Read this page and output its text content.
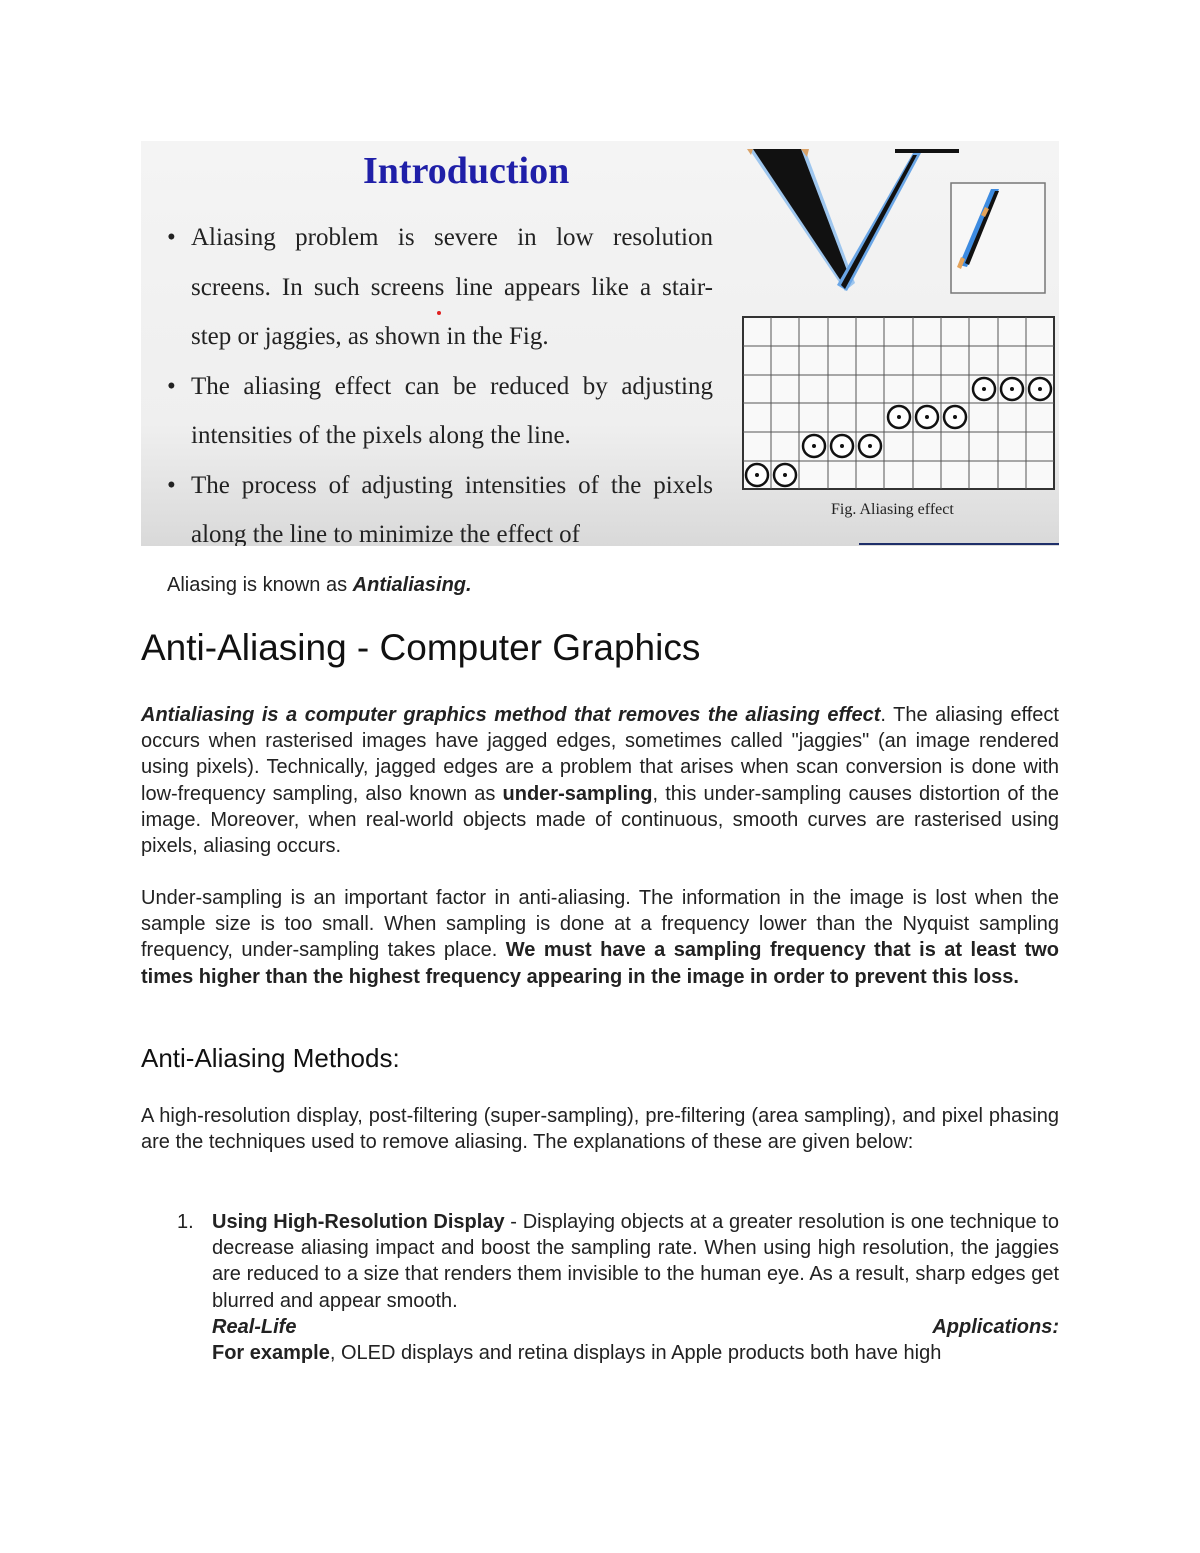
Introduction
• Aliasing problem is severe in low resolution screens. In such screens line appears like a stair-step or jaggies, as shown in the Fig.
• The aliasing effect can be reduced by adjusting intensities of the pixels along the line.
• The process of adjusting intensities of the pixels along the line to minimize the effect of

Fig. Aliasing effect

Aliasing is known as Antialiasing.

Anti-Aliasing - Computer Graphics

Antialiasing is a computer graphics method that removes the aliasing effect. The aliasing effect occurs when rasterised images have jagged edges, sometimes called "jaggies" (an image rendered using pixels). Technically, jagged edges are a problem that arises when scan conversion is done with low-frequency sampling, also known as under-sampling, this under-sampling causes distortion of the image. Moreover, when real-world objects made of continuous, smooth curves are rasterised using pixels, aliasing occurs.

Under-sampling is an important factor in anti-aliasing. The information in the image is lost when the sample size is too small. When sampling is done at a frequency lower than the Nyquist sampling frequency, under-sampling takes place. We must have a sampling frequency that is at least two times higher than the highest frequency appearing in the image in order to prevent this loss.

Anti-Aliasing Methods:

A high-resolution display, post-filtering (super-sampling), pre-filtering (area sampling), and pixel phasing are the techniques used to remove aliasing. The explanations of these are given below:

1. Using High-Resolution Display - Displaying objects at a greater resolution is one technique to decrease aliasing impact and boost the sampling rate. When using high resolution, the jaggies are reduced to a size that renders them invisible to the human eye. As a result, sharp edges get blurred and appear smooth.
Real-Life	Applications:
For example, OLED displays and retina displays in Apple products both have high
